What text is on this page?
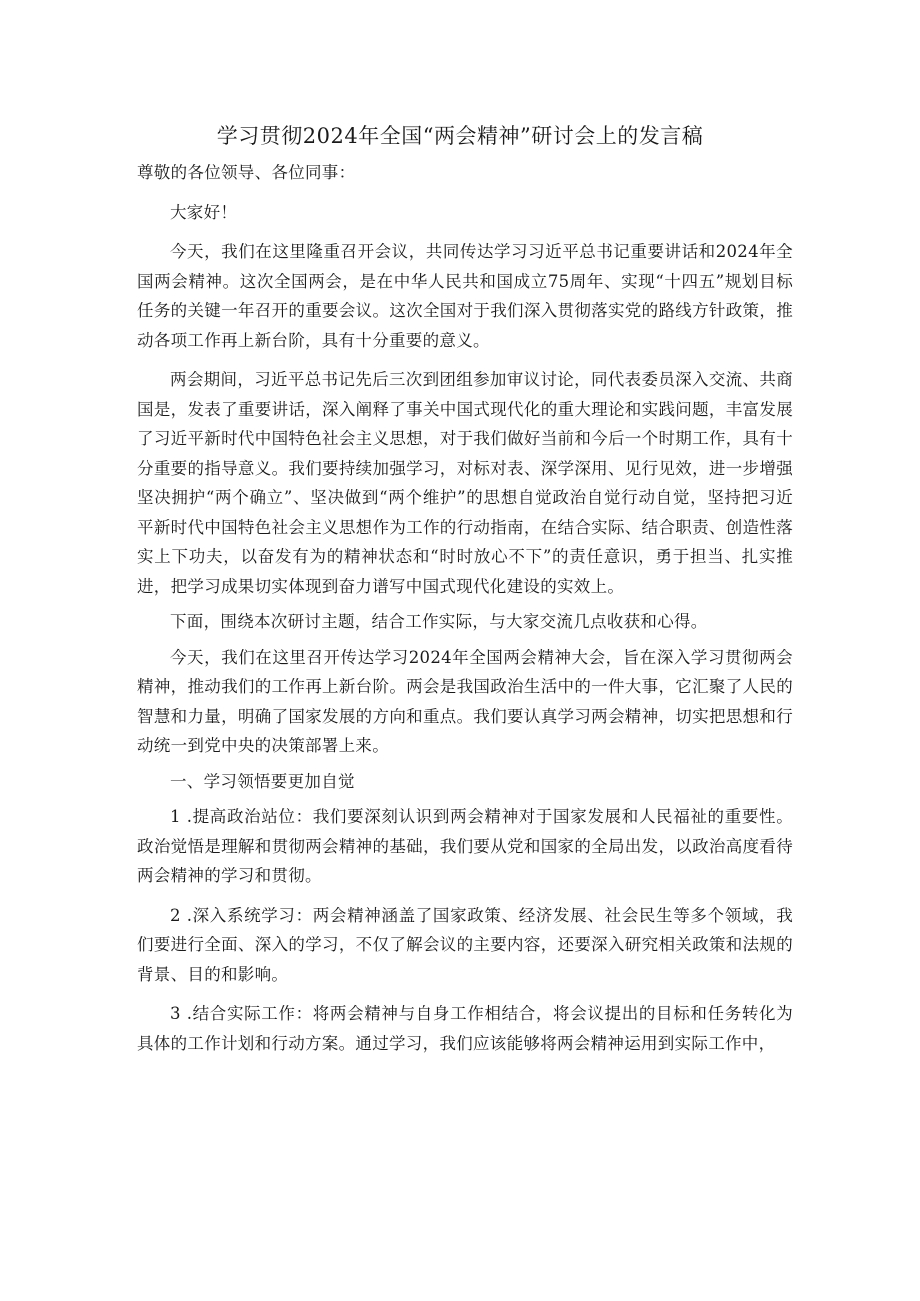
学习贯彻2024年全国“两会精神”研讨会上的发言稿

尊敬的各位领导、各位同事：

大家好！

今天，我们在这里隆重召开会议，共同传达学习习近平总书记重要讲话和2024年全国两会精神。这次全国两会，是在中华人民共和国成立75周年、实现“十四五”规划目标任务的关键一年召开的重要会议。这次全国对于我们深入贯彻落实党的路线方针政策，推动各项工作再上新台阶，具有十分重要的意义。

两会期间，习近平总书记先后三次到团组参加审议讨论，同代表委员深入交流、共商国是，发表了重要讲话，深入阐释了事关中国式现代化的重大理论和实践问题，丰富发展了习近平新时代中国特色社会主义思想，对于我们做好当前和今后一个时期工作，具有十分重要的指导意义。我们要持续加强学习，对标对表、深学深用、见行见效，进一步增强坚决拥护“两个确立”、坚决做到“两个维护”的思想自觉政治自觉行动自觉，坚持把习近平新时代中国特色社会主义思想作为工作的行动指南，在结合实际、结合职责、创造性落实上下功夫，以奋发有为的精神状态和“时时放心不下”的责任意识，勇于担当、扎实推进，把学习成果切实体现到奋力谱写中国式现代化建设的实效上。

下面，围绕本次研讨主题，结合工作实际，与大家交流几点收获和心得。

今天，我们在这里召开传达学习2024年全国两会精神大会，旨在深入学习贯彻两会精神，推动我们的工作再上新台阶。两会是我国政治生活中的一件大事，它汇聚了人民的智慧和力量，明确了国家发展的方向和重点。我们要认真学习两会精神，切实把思想和行动统一到党中央的决策部署上来。

一、学习领悟要更加自觉

1 .提高政治站位：我们要深刻认识到两会精神对于国家发展和人民福祉的重要性。政治觉悟是理解和贯彻两会精神的基础，我们要从党和国家的全局出发，以政治高度看待两会精神的学习和贯彻。

2 .深入系统学习：两会精神涵盖了国家政策、经济发展、社会民生等多个领域，我们要进行全面、深入的学习，不仅了解会议的主要内容，还要深入研究相关政策和法规的背景、目的和影响。

3 .结合实际工作：将两会精神与自身工作相结合，将会议提出的目标和任务转化为具体的工作计划和行动方案。通过学习，我们应该能够将两会精神运用到实际工作中，
